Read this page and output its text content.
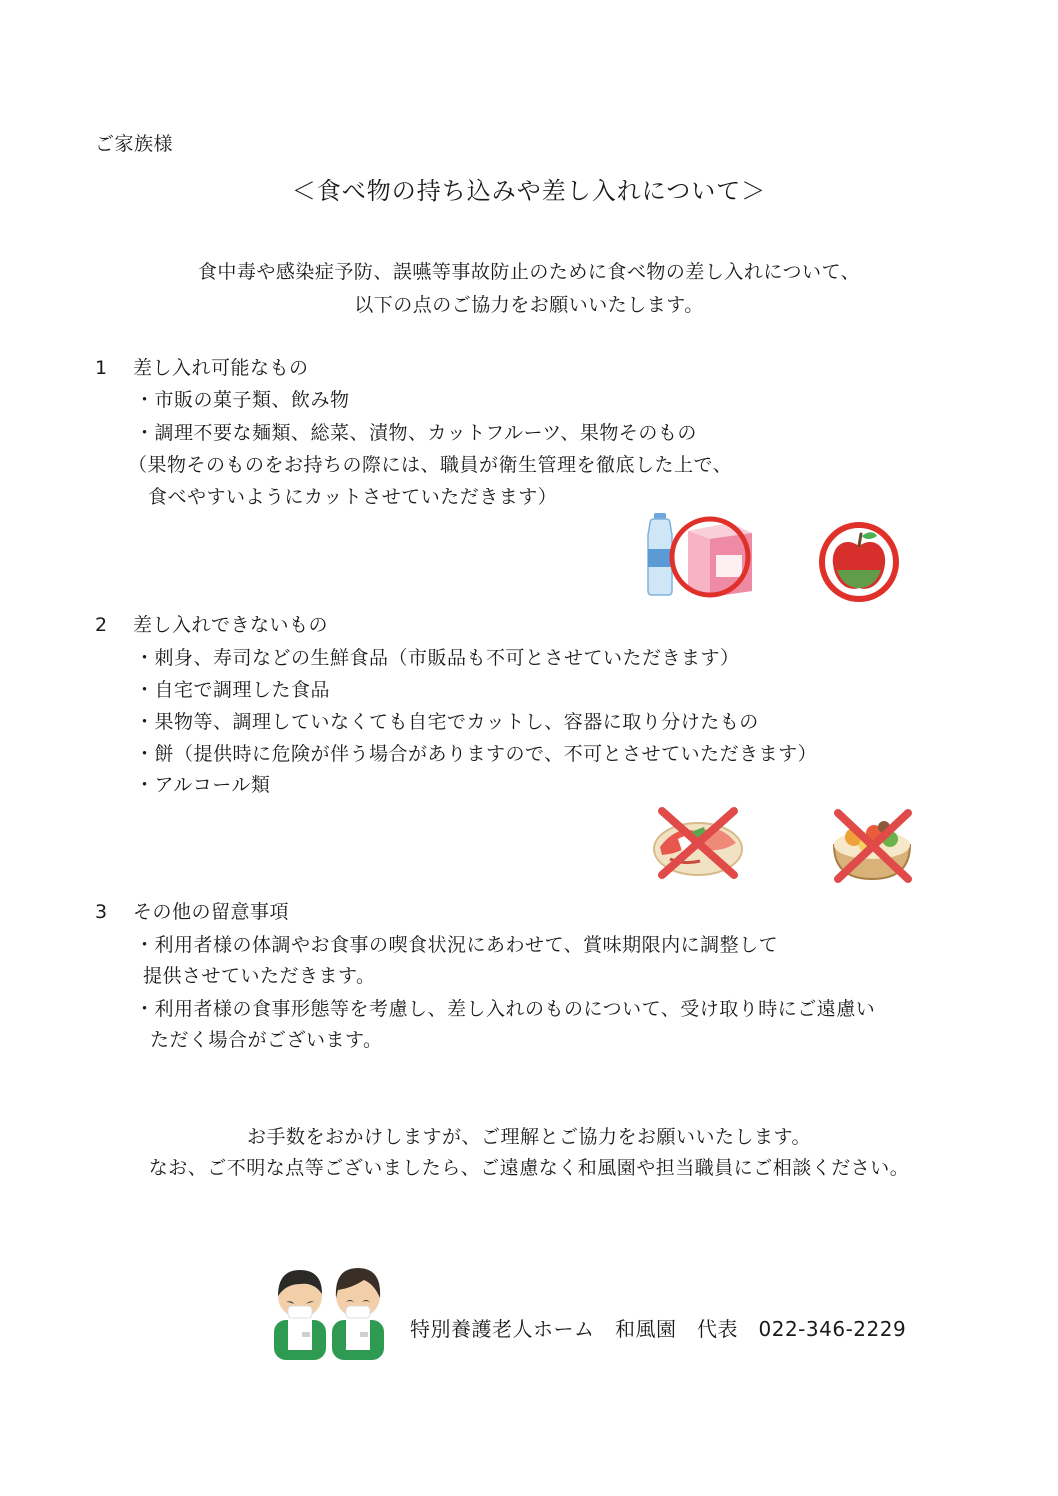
ご家族様
＜食べ物の持ち込みや差し入れについて＞
食中毒や感染症予防、誤嚥等事故防止のために食べ物の差し入れについて、
以下の点のご協力をお願いいたします。
1 差し入れ可能なもの
・市販の菓子類、飲み物
・調理不要な麺類、総菜、漬物、カットフルーツ、果物そのもの
（果物そのものをお持ちの際には、職員が衛生管理を徹底した上で、
食べやすいようにカットさせていただきます）
2 差し入れできないもの
・刺身、寿司などの生鮮食品（市販品も不可とさせていただきます）
・自宅で調理した食品
・果物等、調理していなくても自宅でカットし、容器に取り分けたもの
・餅（提供時に危険が伴う場合がありますので、不可とさせていただきます）
・アルコール類
3 その他の留意事項
・利用者様の体調やお食事の喫食状況にあわせて、賞味期限内に調整して
提供させていただきます。
・利用者様の食事形態等を考慮し、差し入れのものについて、受け取り時にご遠慮い
ただく場合がございます。
お手数をおかけしますが、ご理解とご協力をお願いいたします。
なお、ご不明な点等ございましたら、ご遠慮なく和風園や担当職員にご相談ください。
特別養護老人ホーム　和風園　代表　022-346-2229
